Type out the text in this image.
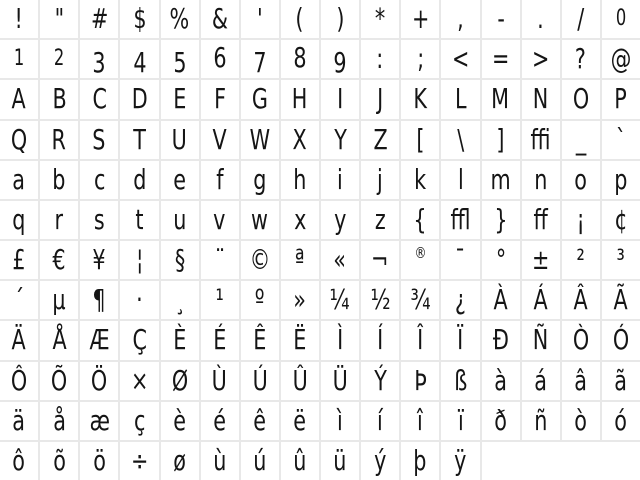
! " # $ % & ' ( ) * + , - . / 0
1 2 3 4 5 6 7 8 9 : ; < = > ? @
A B C D E F G H I J K L M N O P
Q R S T U V W X Y Z [ \ ] ﬃ _ `
a b c d e f g h i j k l m n o p
q r s t u v w x y z { ﬄ } ﬀ ¡ ¢
£ € ¥ ¦ § ¨ © ª « ¬ ® ¯ ° ± ² ³
´ µ ¶ · ¸ ¹ º » ¼ ½ ¾ ¿ À Á Â Ã
Ä Å Æ Ç È É Ê Ë Ì Í Î Ï Ð Ñ Ò Ó
Ô Õ Ö × Ø Ù Ú Û Ü Ý Þ ß à á â ã
ä å æ ç è é ê ë ì í î ï ð ñ ò ó
ô õ ö ÷ ø ù ú û ü ý þ ÿ
